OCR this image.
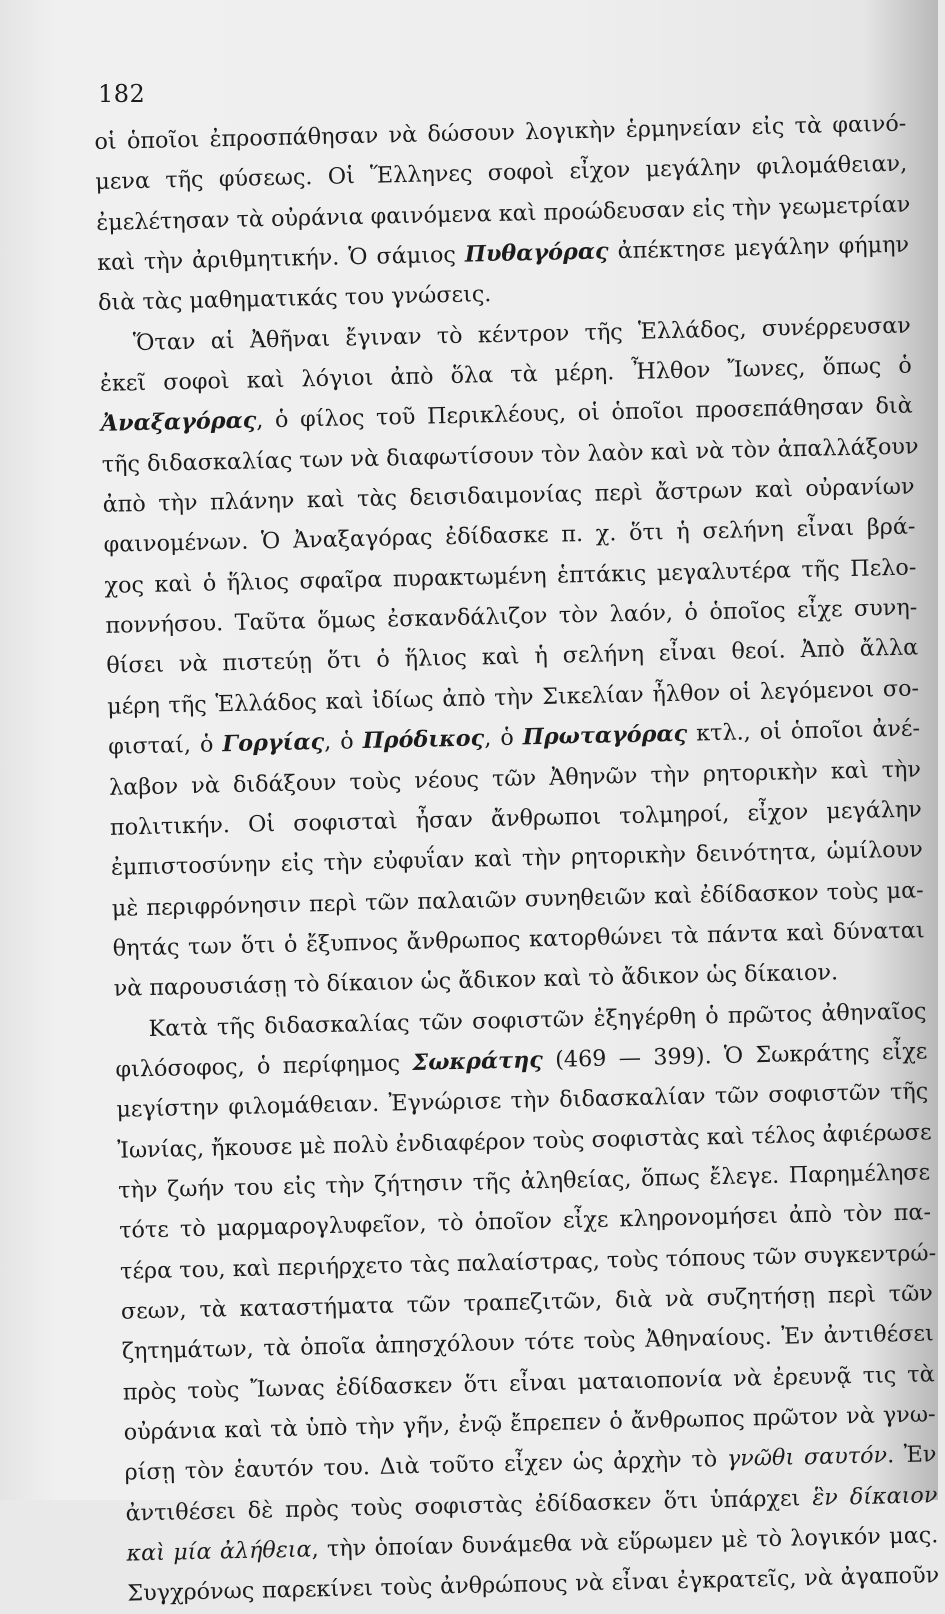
182
οἱ ὁποῖοι ἐπροσπάθησαν νὰ δώσουν λογικὴν ἑρμηνείαν εἰς τὰ φαινό-
μενα τῆς φύσεως. Οἱ Ἕλληνες σοφοὶ εἶχον μεγάλην φιλομάθειαν,
ἐμελέτησαν τὰ οὐράνια φαινόμενα καὶ προώδευσαν εἰς τὴν γεωμετρίαν
καὶ τὴν ἀριθμητικήν. Ὁ σάμιος Πυθαγόρας ἀπέκτησε μεγάλην φήμην
διὰ τὰς μαθηματικάς του γνώσεις.
Ὅταν αἱ Ἀθῆναι ἔγιναν τὸ κέντρον τῆς Ἑλλάδος, συνέρρευσαν
ἐκεῖ σοφοὶ καὶ λόγιοι ἀπὸ ὅλα τὰ μέρη. Ἦλθον Ἴωνες, ὅπως ὁ
Ἀναξαγόρας, ὁ φίλος τοῦ Περικλέους, οἱ ὁποῖοι προσεπάθησαν διὰ
τῆς διδασκαλίας των νὰ διαφωτίσουν τὸν λαὸν καὶ νὰ τὸν ἀπαλλάξουν
ἀπὸ τὴν πλάνην καὶ τὰς δεισιδαιμονίας περὶ ἄστρων καὶ οὐρανίων
φαινομένων. Ὁ Ἀναξαγόρας ἐδίδασκε π. χ. ὅτι ἡ σελήνη εἶναι βρά-
χος καὶ ὁ ἥλιος σφαῖρα πυρακτωμένη ἑπτάκις μεγαλυτέρα τῆς Πελο-
ποννήσου. Ταῦτα ὅμως ἐσκανδάλιζον τὸν λαόν, ὁ ὁποῖος εἶχε συνη-
θίσει νὰ πιστεύῃ ὅτι ὁ ἥλιος καὶ ἡ σελήνη εἶναι θεοί. Ἀπὸ ἄλλα
μέρη τῆς Ἑλλάδος καὶ ἰδίως ἀπὸ τὴν Σικελίαν ἦλθον οἱ λεγόμενοι σο-
φισταί, ὁ Γοργίας, ὁ Πρόδικος, ὁ Πρωταγόρας κτλ., οἱ ὁποῖοι ἀνέ-
λαβον νὰ διδάξουν τοὺς νέους τῶν Ἀθηνῶν τὴν ρητορικὴν καὶ τὴν
πολιτικήν. Οἱ σοφισταὶ ἦσαν ἄνθρωποι τολμηροί, εἶχον μεγάλην
ἐμπιστοσύνην εἰς τὴν εὐφυΐαν καὶ τὴν ρητορικὴν δεινότητα, ὡμίλουν
μὲ περιφρόνησιν περὶ τῶν παλαιῶν συνηθειῶν καὶ ἐδίδασκον τοὺς μα-
θητάς των ὅτι ὁ ἔξυπνος ἄνθρωπος κατορθώνει τὰ πάντα καὶ δύναται
νὰ παρουσιάσῃ τὸ δίκαιον ὡς ἄδικον καὶ τὸ ἄδικον ὡς δίκαιον.
Κατὰ τῆς διδασκαλίας τῶν σοφιστῶν ἐξηγέρθη ὁ πρῶτος ἀθηναῖος
φιλόσοφος, ὁ περίφημος Σωκράτης (469 — 399). Ὁ Σωκράτης εἶχε
μεγίστην φιλομάθειαν. Ἐγνώρισε τὴν διδασκαλίαν τῶν σοφιστῶν τῆς
Ἰωνίας, ἤκουσε μὲ πολὺ ἐνδιαφέρον τοὺς σοφιστὰς καὶ τέλος ἀφιέρωσε
τὴν ζωήν του εἰς τὴν ζήτησιν τῆς ἀληθείας, ὅπως ἔλεγε. Παρημέλησε
τότε τὸ μαρμαρογλυφεῖον, τὸ ὁποῖον εἶχε κληρονομήσει ἀπὸ τὸν πα-
τέρα του, καὶ περιήρχετο τὰς παλαίστρας, τοὺς τόπους τῶν συγκεντρώ-
σεων, τὰ καταστήματα τῶν τραπεζιτῶν, διὰ νὰ συζητήσῃ περὶ τῶν
ζητημάτων, τὰ ὁποῖα ἀπησχόλουν τότε τοὺς Ἀθηναίους. Ἐν ἀντιθέσει
πρὸς τοὺς Ἴωνας ἐδίδασκεν ὅτι εἶναι ματαιοπονία νὰ ἐρευνᾷ τις τὰ
οὐράνια καὶ τὰ ὑπὸ τὴν γῆν, ἐνῷ ἔπρεπεν ὁ ἄνθρωπος πρῶτον νὰ γνω-
ρίσῃ τὸν ἑαυτόν του. Διὰ τοῦτο εἶχεν ὡς ἀρχὴν τὸ γνῶθι σαυτόν. Ἐν
ἀντιθέσει δὲ πρὸς τοὺς σοφιστὰς ἐδίδασκεν ὅτι ὑπάρχει ἓν δίκαιον
καὶ μία ἀλήθεια, τὴν ὁποίαν δυνάμεθα νὰ εὕρωμεν μὲ τὸ λογικόν μας.
Συγχρόνως παρεκίνει τοὺς ἀνθρώπους νὰ εἶναι ἐγκρατεῖς, νὰ ἀγαποῦν
